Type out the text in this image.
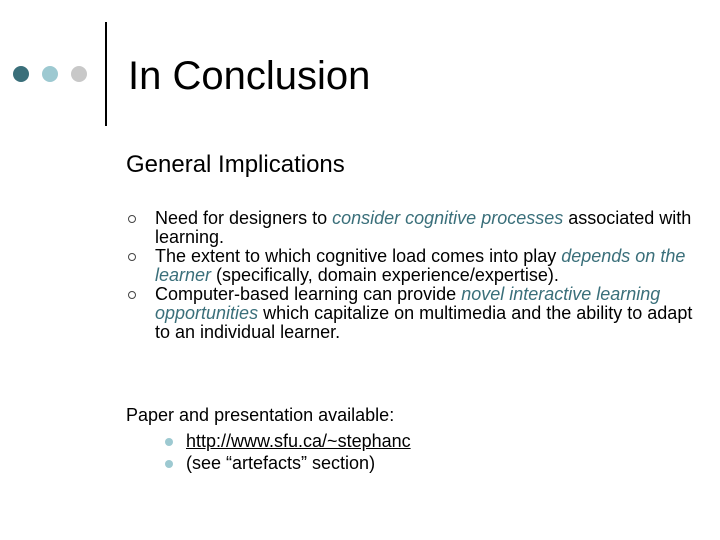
In Conclusion
General Implications
Need for designers to consider cognitive processes associated with learning.
The extent to which cognitive load comes into play depends on the learner (specifically, domain experience/expertise).
Computer-based learning can provide novel interactive learning opportunities which capitalize on multimedia and the ability to adapt to an individual learner.
Paper and presentation available:
http://www.sfu.ca/~stephanc
(see “artefacts” section)
